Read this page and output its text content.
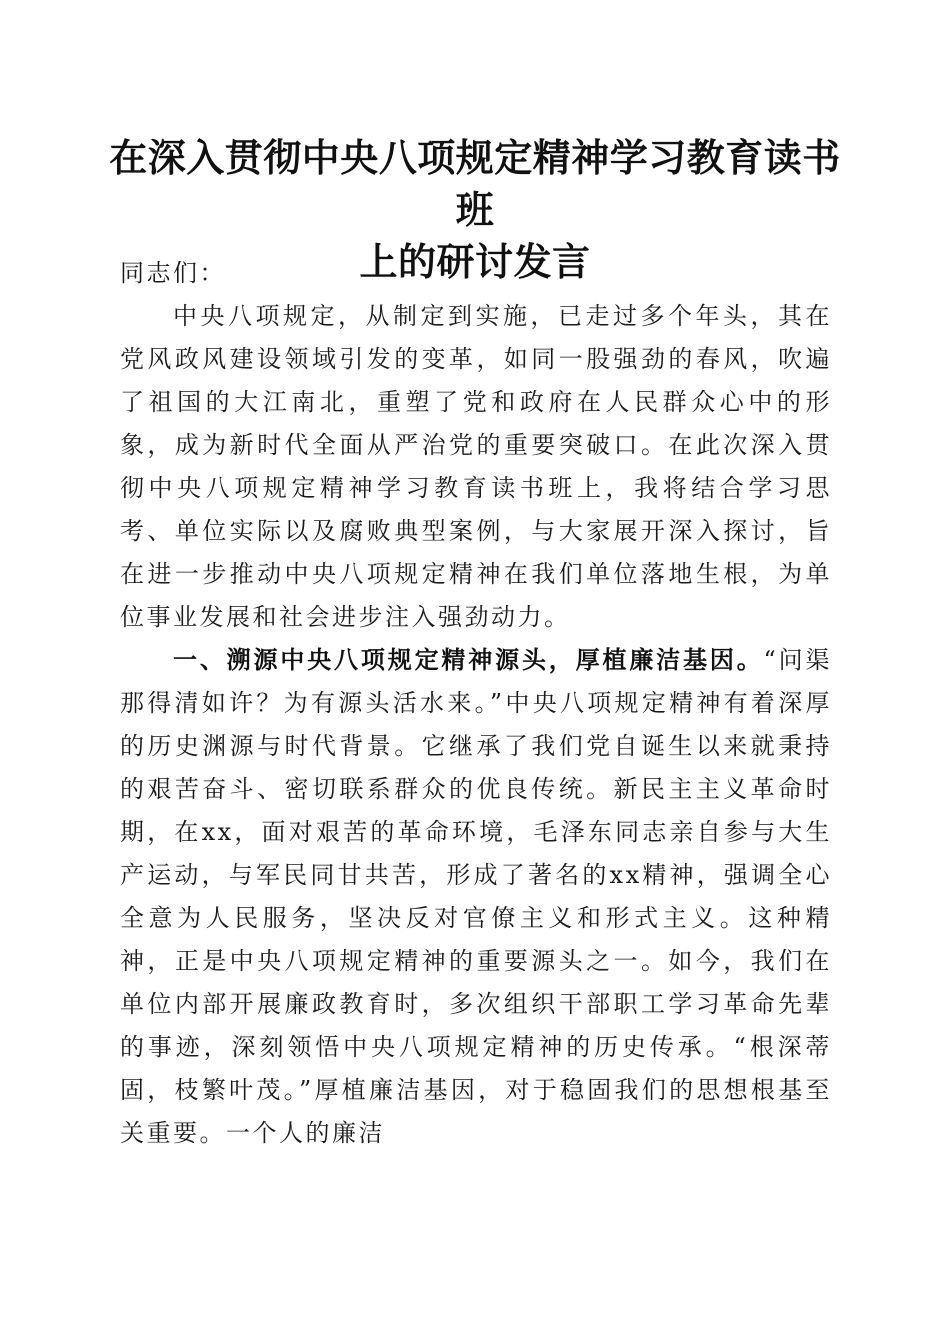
在深入贯彻中央八项规定精神学习教育读书班
上的研讨发言

同志们：

中央八项规定，从制定到实施，已走过多个年头，其在党风政风建设领域引发的变革，如同一股强劲的春风，吹遍了祖国的大江南北，重塑了党和政府在人民群众心中的形象，成为新时代全面从严治党的重要突破口。在此次深入贯彻中央八项规定精神学习教育读书班上，我将结合学习思考、单位实际以及腐败典型案例，与大家展开深入探讨，旨在进一步推动中央八项规定精神在我们单位落地生根，为单位事业发展和社会进步注入强劲动力。

一、溯源中央八项规定精神源头，厚植廉洁基因。“问渠那得清如许？为有源头活水来。”中央八项规定精神有着深厚的历史渊源与时代背景。它继承了我们党自诞生以来就秉持的艰苦奋斗、密切联系群众的优良传统。新民主主义革命时期，在xx，面对艰苦的革命环境，毛泽东同志亲自参与大生产运动，与军民同甘共苦，形成了著名的xx精神，强调全心全意为人民服务，坚决反对官僚主义和形式主义。这种精神，正是中央八项规定精神的重要源头之一。如今，我们在单位内部开展廉政教育时，多次组织干部职工学习革命先辈的事迹，深刻领悟中央八项规定精神的历史传承。“根深蒂固，枝繁叶茂。”厚植廉洁基因，对于稳固我们的思想根基至关重要。一个人的廉洁
